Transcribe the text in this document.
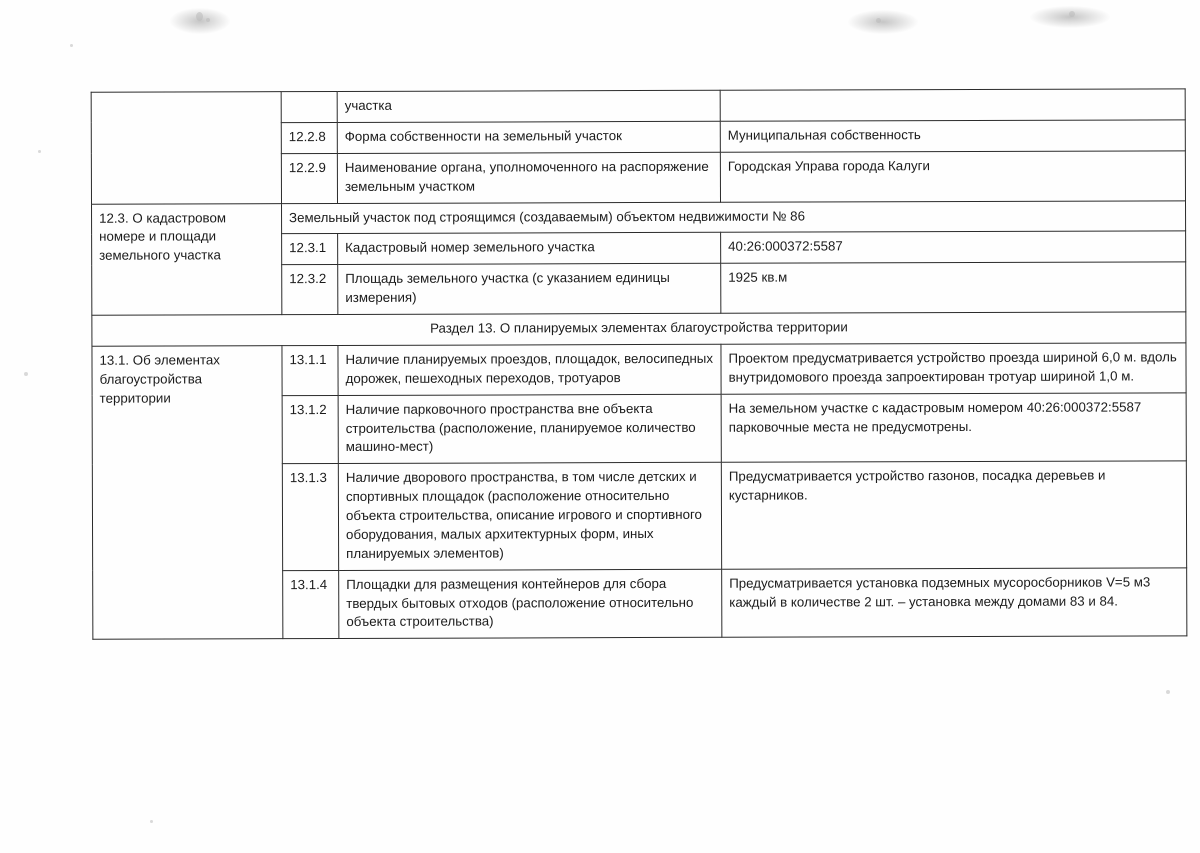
		участка	
	12.2.8	Форма собственности на земельный участок	Муниципальная собственность
	12.2.9	Наименование органа, уполномоченного на распоряжение земельным участком	Городская Управа города Калуги
12.3. О кадастровом номере и площади земельного участка	Земельный участок под строящимся (создаваемым) объектом недвижимости № 86		
	12.3.1	Кадастровый номер земельного участка	40:26:000372:5587
	12.3.2	Площадь земельного участка (с указанием единицы измерения)	1925 кв.м
Раздел 13. О планируемых элементах благоустройства территории			
13.1. Об элементах благоустройства территории	13.1.1	Наличие планируемых проездов, площадок, велосипедных дорожек, пешеходных переходов, тротуаров	Проектом предусматривается устройство проезда шириной 6,0 м. вдоль внутридомового проезда запроектирован тротуар шириной 1,0 м.
	13.1.2	Наличие парковочного пространства вне объекта строительства (расположение, планируемое количество машино-мест)	На земельном участке с кадастровым номером 40:26:000372:5587 парковочные места не предусмотрены.
	13.1.3	Наличие дворового пространства, в том числе детских и спортивных площадок (расположение относительно объекта строительства, описание игрового и спортивного оборудования, малых архитектурных форм, иных планируемых элементов)	Предусматривается устройство газонов, посадка деревьев и кустарников.
	13.1.4	Площадки для размещения контейнеров для сбора твердых бытовых отходов (расположение относительно объекта строительства)	Предусматривается установка подземных мусоросборников V=5 м3 каждый в количестве 2 шт. – установка между домами 83 и 84.
